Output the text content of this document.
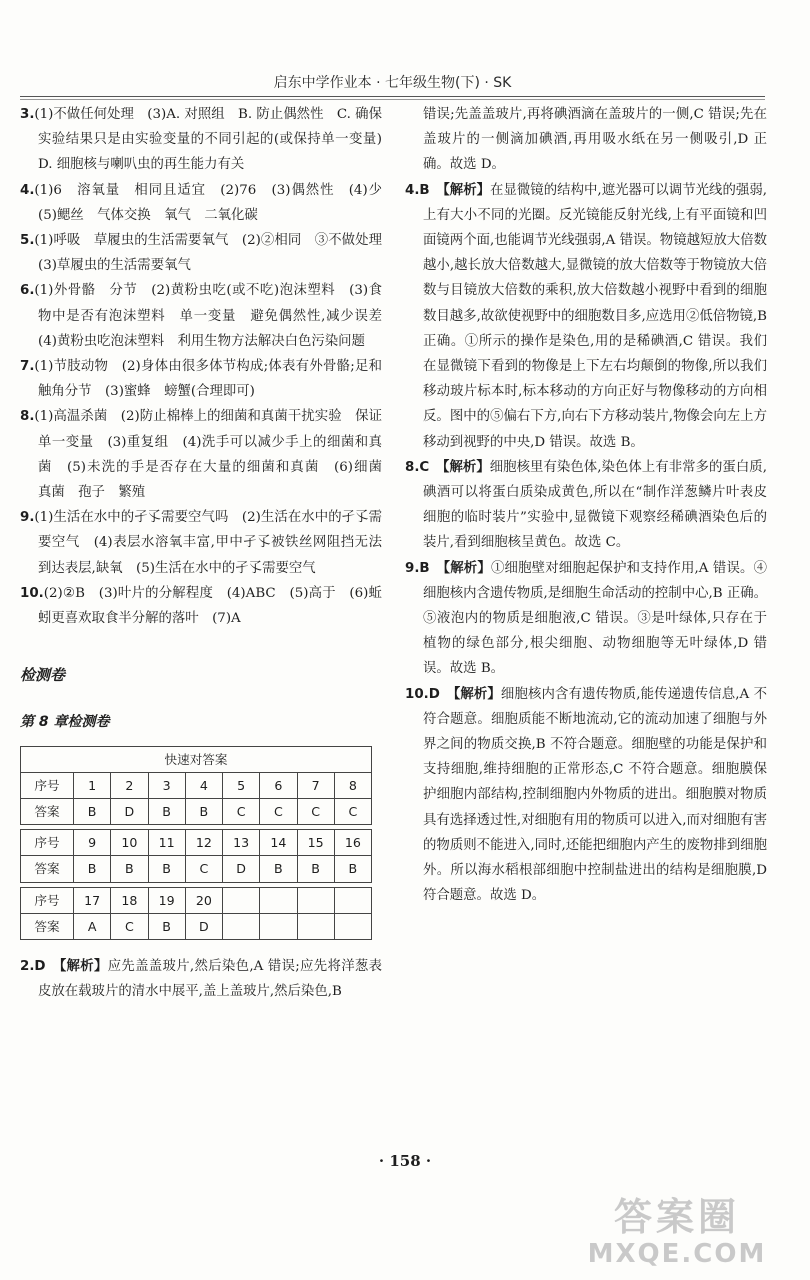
启东中学作业本 · 七年级生物(下) · SK

3.(1)不做任何处理　(3)A. 对照组　B. 防止偶然性　C. 确保实验结果只是由实验变量的不同引起的(或保持单一变量)　D. 细胞核与喇叭虫的再生能力有关

4.(1)6　溶氧量　相同且适宜　(2)76　(3)偶然性　(4)少　(5)鳃丝　气体交换　氧气　二氧化碳

5.(1)呼吸　草履虫的生活需要氧气　(2)②相同　③不做处理　(3)草履虫的生活需要氧气

6.(1)外骨骼　分节　(2)黄粉虫吃(或不吃)泡沫塑料　(3)食物中是否有泡沫塑料　单一变量　避免偶然性,减少误差　(4)黄粉虫吃泡沫塑料　利用生物方法解决白色污染问题

7.(1)节肢动物　(2)身体由很多体节构成;体表有外骨骼;足和触角分节　(3)蜜蜂　螃蟹(合理即可)

8.(1)高温杀菌　(2)防止棉棒上的细菌和真菌干扰实验　保证单一变量　(3)重复组　(4)洗手可以减少手上的细菌和真菌　(5)未洗的手是否存在大量的细菌和真菌　(6)细菌　真菌　孢子　繁殖

9.(1)生活在水中的孑孓需要空气吗　(2)生活在水中的孑孓需要空气　(4)表层水溶氧丰富,甲中孑孓被铁丝网阻挡无法到达表层,缺氧　(5)生活在水中的孑孓需要空气

10.(2)②B　(3)叶片的分解程度　(4)ABC　(5)高于　(6)蚯蚓更喜欢取食半分解的落叶　(7)A

检测卷
第 8 章检测卷
快速对答案								
序号	1	2	3	4	5	6	7	8
答案	B	D	B	B	C	C	C	C

序号	9	10	11	12	13	14	15	16
答案	B	B	B	C	D	B	B	B

序号	17	18	19	20				
答案	A	C	B	D				

2.D　【解析】应先盖盖玻片,然后染色,A 错误;应先将洋葱表皮放在载玻片的清水中展平,盖上盖玻片,然后染色,B

错误;先盖盖玻片,再将碘酒滴在盖玻片的一侧,C 错误;先在盖玻片的一侧滴加碘酒,再用吸水纸在另一侧吸引,D 正确。故选 D。

4.B　【解析】在显微镜的结构中,遮光器可以调节光线的强弱,上有大小不同的光圈。反光镜能反射光线,上有平面镜和凹面镜两个面,也能调节光线强弱,A 错误。物镜越短放大倍数越小,越长放大倍数越大,显微镜的放大倍数等于物镜放大倍数与目镜放大倍数的乘积,放大倍数越小视野中看到的细胞数目越多,故欲使视野中的细胞数目多,应选用②低倍物镜,B 正确。①所示的操作是染色,用的是稀碘酒,C 错误。我们在显微镜下看到的物像是上下左右均颠倒的物像,所以我们移动玻片标本时,标本移动的方向正好与物像移动的方向相反。图中的⑤偏右下方,向右下方移动装片,物像会向左上方移动到视野的中央,D 错误。故选 B。

8.C　【解析】细胞核里有染色体,染色体上有非常多的蛋白质,碘酒可以将蛋白质染成黄色,所以在“制作洋葱鳞片叶表皮细胞的临时装片”实验中,显微镜下观察经稀碘酒染色后的装片,看到细胞核呈黄色。故选 C。

9.B　【解析】①细胞壁对细胞起保护和支持作用,A 错误。④细胞核内含遗传物质,是细胞生命活动的控制中心,B 正确。⑤液泡内的物质是细胞液,C 错误。③是叶绿体,只存在于植物的绿色部分,根尖细胞、动物细胞等无叶绿体,D 错误。故选 B。

10.D　【解析】细胞核内含有遗传物质,能传递遗传信息,A 不符合题意。细胞质能不断地流动,它的流动加速了细胞与外界之间的物质交换,B 不符合题意。细胞壁的功能是保护和支持细胞,维持细胞的正常形态,C 不符合题意。细胞膜保护细胞内部结构,控制细胞内外物质的进出。细胞膜对物质具有选择透过性,对细胞有用的物质可以进入,而对细胞有害的物质则不能进入,同时,还能把细胞内产生的废物排到细胞外。所以海水稻根部细胞中控制盐进出的结构是细胞膜,D 符合题意。故选 D。

· 158 ·
答案圈
MXQE.COM
